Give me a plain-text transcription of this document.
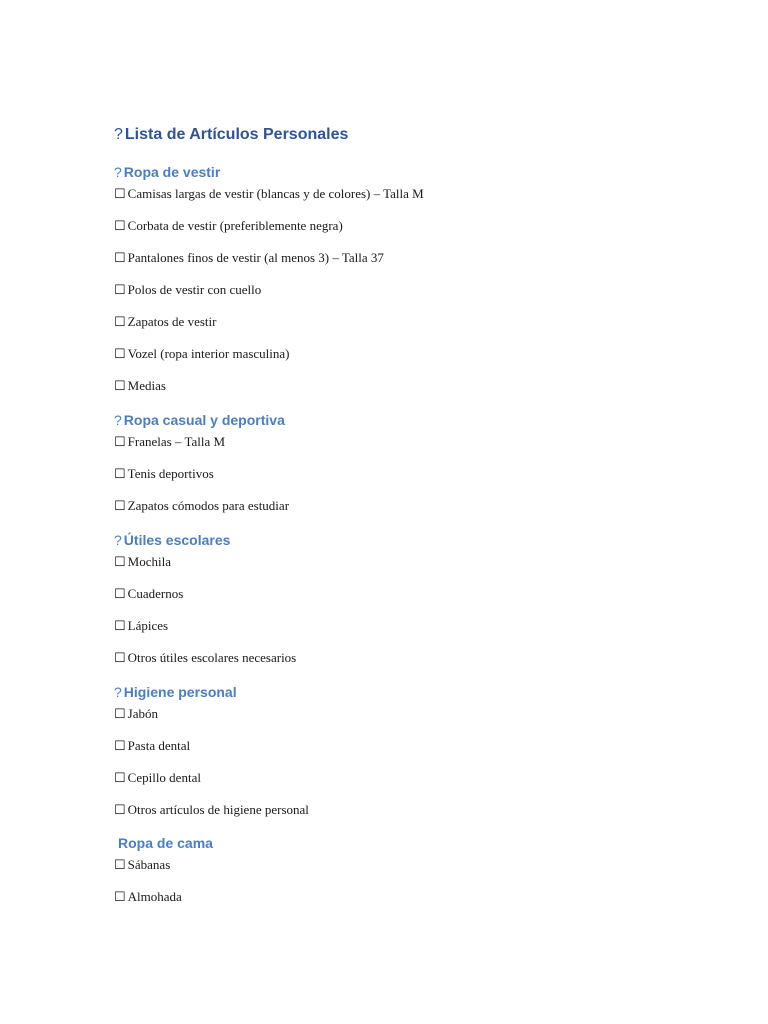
? Lista de Artículos Personales
? Ropa de vestir
☐ Camisas largas de vestir (blancas y de colores) – Talla M
☐ Corbata de vestir (preferiblemente negra)
☐ Pantalones finos de vestir (al menos 3) – Talla 37
☐ Polos de vestir con cuello
☐ Zapatos de vestir
☐ Vozel (ropa interior masculina)
☐ Medias
? Ropa casual y deportiva
☐ Franelas – Talla M
☐ Tenis deportivos
☐ Zapatos cómodos para estudiar
? Útiles escolares
☐ Mochila
☐ Cuadernos
☐ Lápices
☐ Otros útiles escolares necesarios
? Higiene personal
☐ Jabón
☐ Pasta dental
☐ Cepillo dental
☐ Otros artículos de higiene personal
Ropa de cama
☐ Sábanas
☐ Almohada
